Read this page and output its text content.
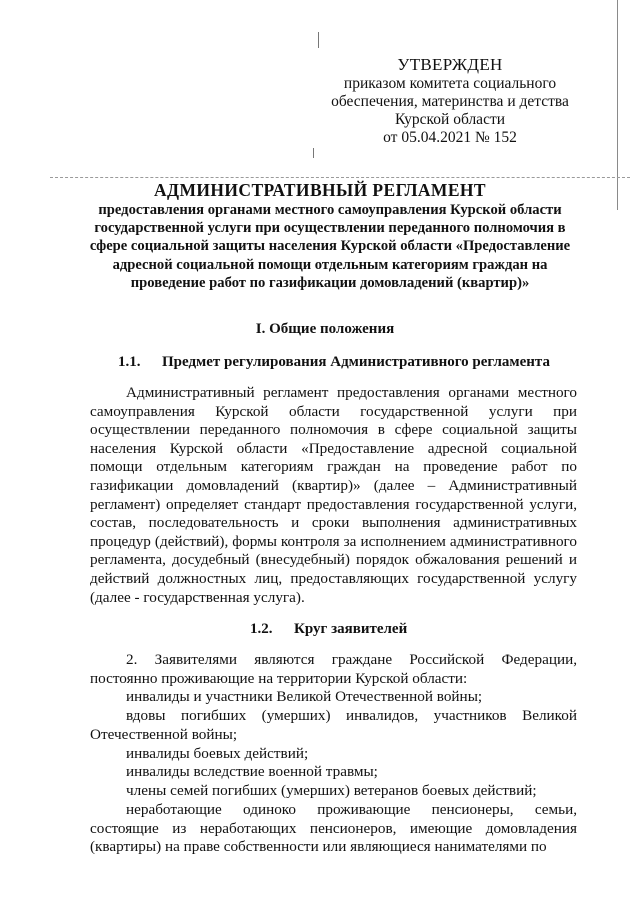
УТВЕРЖДЕН
приказом комитета социального
обеспечения, материнства и детства
Курской области
от 05.04.2021 № 152
АДМИНИСТРАТИВНЫЙ РЕГЛАМЕНТ
предоставления органами местного самоуправления Курской области государственной услуги при осуществлении переданного полномочия в сфере социальной защиты населения Курской области «Предоставление адресной социальной помощи отдельным категориям граждан на проведение работ по газификации домовладений (квартир)»
I. Общие положения
1.1. Предмет регулирования Административного регламента

Административный регламент предоставления органами местного самоуправления Курской области государственной услуги при осуществлении переданного полномочия в сфере социальной защиты населения Курской области «Предоставление адресной социальной помощи отдельным категориям граждан на проведение работ по газификации домовладений (квартир)» (далее – Административный регламент) определяет стандарт предоставления государственной услуги, состав, последовательность и сроки выполнения административных процедур (действий), формы контроля за исполнением административного регламента, досудебный (внесудебный) порядок обжалования решений и действий должностных лиц, предоставляющих государственной услугу (далее - государственная услуга).

1.2. Круг заявителей

2. Заявителями являются граждане Российской Федерации, постоянно проживающие на территории Курской области:

инвалиды и участники Великой Отечественной войны;

вдовы погибших (умерших) инвалидов, участников Великой Отечественной войны;

инвалиды боевых действий;

инвалиды вследствие военной травмы;

члены семей погибших (умерших) ветеранов боевых действий;

неработающие одиноко проживающие пенсионеры, семьи, состоящие из неработающих пенсионеров, имеющие домовладения (квартиры) на праве собственности или являющиеся нанимателями по
